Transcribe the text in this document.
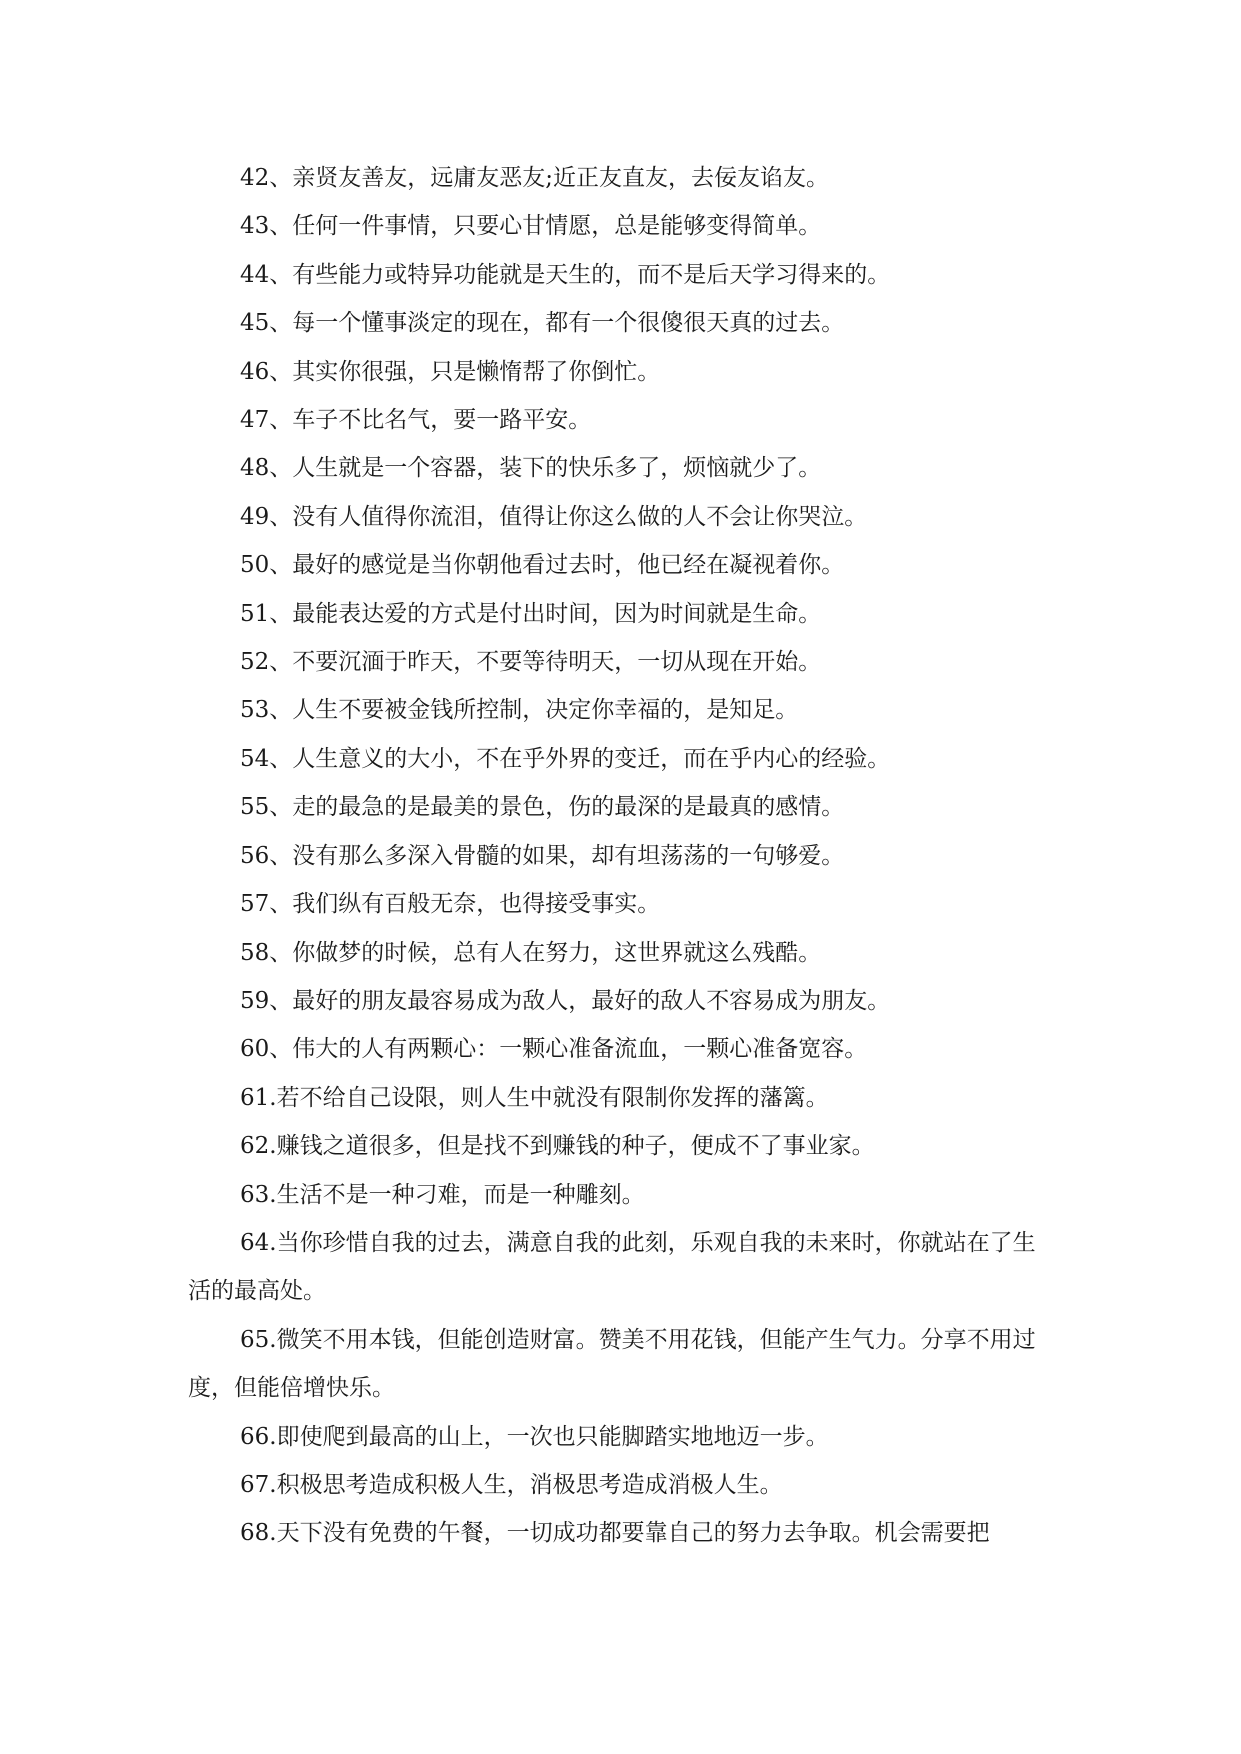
42、亲贤友善友，远庸友恶友;近正友直友，去佞友谄友。

43、任何一件事情，只要心甘情愿，总是能够变得简单。

44、有些能力或特异功能就是天生的，而不是后天学习得来的。

45、每一个懂事淡定的现在，都有一个很傻很天真的过去。

46、其实你很强，只是懒惰帮了你倒忙。

47、车子不比名气，要一路平安。

48、人生就是一个容器，装下的快乐多了，烦恼就少了。

49、没有人值得你流泪，值得让你这么做的人不会让你哭泣。

50、最好的感觉是当你朝他看过去时，他已经在凝视着你。

51、最能表达爱的方式是付出时间，因为时间就是生命。

52、不要沉湎于昨天，不要等待明天，一切从现在开始。

53、人生不要被金钱所控制，决定你幸福的，是知足。

54、人生意义的大小，不在乎外界的变迁，而在乎内心的经验。

55、走的最急的是最美的景色，伤的最深的是最真的感情。

56、没有那么多深入骨髓的如果，却有坦荡荡的一句够爱。

57、我们纵有百般无奈，也得接受事实。

58、你做梦的时候，总有人在努力，这世界就这么残酷。

59、最好的朋友最容易成为敌人，最好的敌人不容易成为朋友。

60、伟大的人有两颗心：一颗心准备流血，一颗心准备宽容。

61.若不给自己设限，则人生中就没有限制你发挥的藩篱。

62.赚钱之道很多，但是找不到赚钱的种子，便成不了事业家。

63.生活不是一种刁难，而是一种雕刻。

64.当你珍惜自我的过去，满意自我的此刻，乐观自我的未来时，你就站在了生活的最高处。

65.微笑不用本钱，但能创造财富。赞美不用花钱，但能产生气力。分享不用过度，但能倍增快乐。

66.即使爬到最高的山上，一次也只能脚踏实地地迈一步。

67.积极思考造成积极人生，消极思考造成消极人生。

68.天下没有免费的午餐，一切成功都要靠自己的努力去争取。机会需要把
